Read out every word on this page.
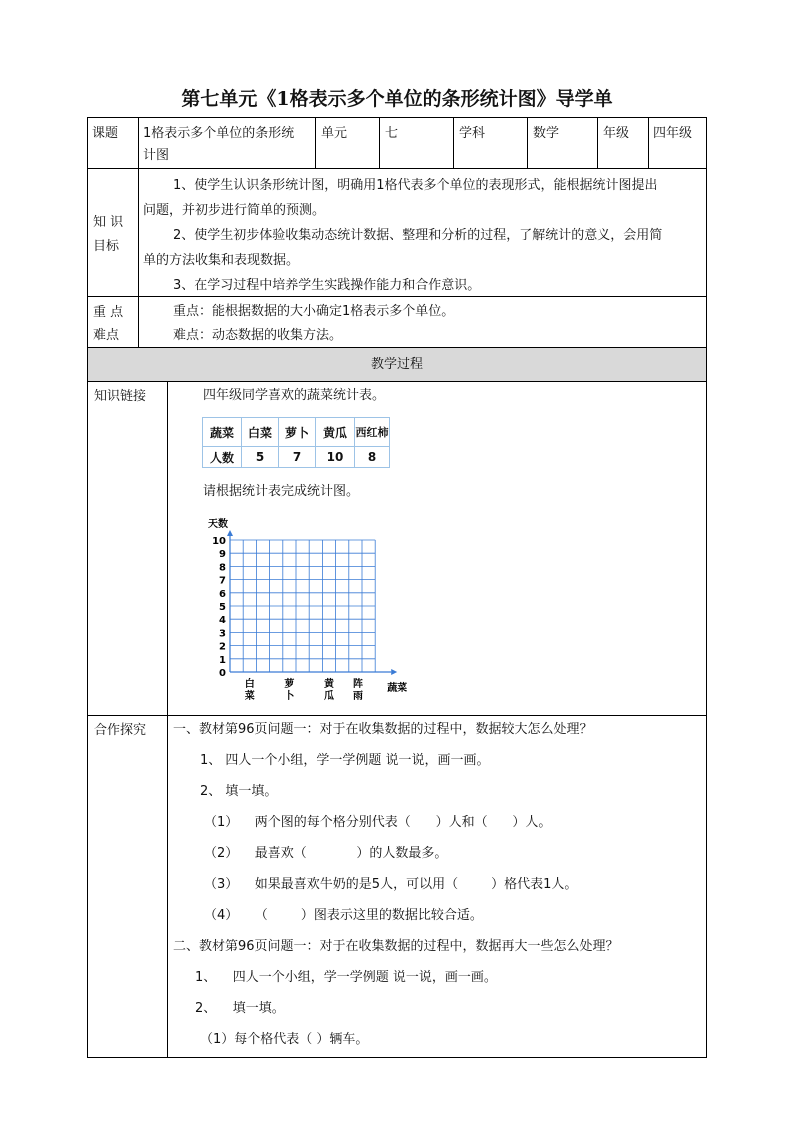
第七单元《1格表示多个单位的条形统计图》导学单
教学过程
课题 1格表示多个单位的条形统
计图
单元	七	学科	数学	年级 四年级
知 识
目标
1、使学生认识条形统计图，明确用1格代表多个单位的表现形式，能根据统计图提出
问题，并初步进行简单的预测。
2、使学生初步体验收集动态统计数据、整理和分析的过程，了解统计的意义，会用简
单的方法收集和表现数据。
3、在学习过程中培养学生实践操作能力和合作意识。
重 点
难点
重点：能根据数据的大小确定1格表示多个单位。
难点：动态数据的收集方法。
知识链接	四年级同学喜欢的蔬菜统计表。
蔬菜	白菜	萝卜	黄瓜	西红柿
人数	5	7	10	8
请根据统计表完成统计图。
0
1
2
3
4
5
6
7
8
9
10
天数
白
菜
萝
卜
黄
瓜
阵
雨
蔬菜
合作探究 一、教材第96页问题一：对于在收集数据的过程中，数据较大怎么处理？
1、 四人一个小组，学一学例题 说一说，画一画。
2、 填一填。
（1）    两个图的每个格分别代表（      ）人和（      ）人。
（2）    最喜欢（            ）的人数最多。
（3）    如果最喜欢牛奶的是5人，可以用（        ）格代表1人。
（4）    （        ）图表示这里的数据比较合适。
二、教材第96页问题一：对于在收集数据的过程中，数据再大一些怎么处理？
1、    四人一个小组，学一学例题 说一说，画一画。
2、    填一填。
（1）每个格代表（ ）辆车。
